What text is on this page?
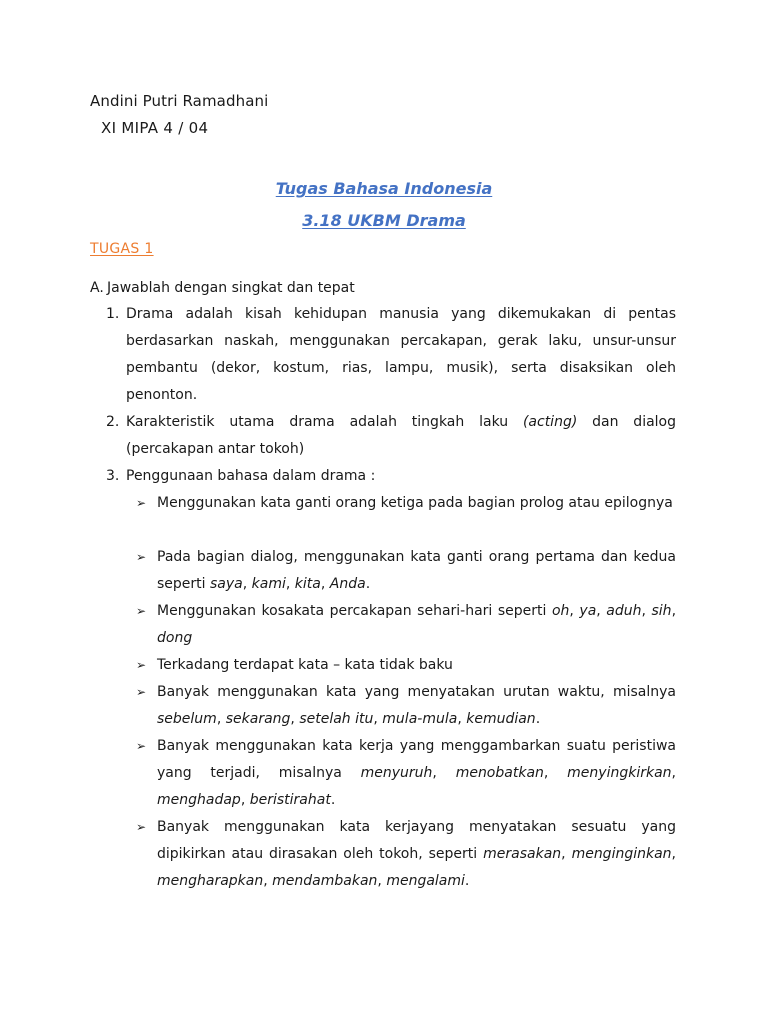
Andini Putri Ramadhani
XI MIPA 4 / 04
Tugas Bahasa Indonesia
3.18 UKBM Drama
TUGAS 1
A. Jawablah dengan singkat dan tepat
1. Drama adalah kisah kehidupan manusia yang dikemukakan di pentas berdasarkan naskah, menggunakan percakapan, gerak laku, unsur-unsur pembantu (dekor, kostum, rias, lampu, musik), serta disaksikan oleh penonton.
2. Karakteristik utama drama adalah tingkah laku (acting) dan dialog (percakapan antar tokoh)
3. Penggunaan bahasa dalam drama :
➢ Menggunakan kata ganti orang ketiga pada bagian prolog atau epilognya
➢ Pada bagian dialog, menggunakan kata ganti orang pertama dan kedua seperti saya, kami, kita, Anda.
➢ Menggunakan kosakata percakapan sehari-hari seperti oh, ya, aduh, sih, dong
➢ Terkadang terdapat kata – kata tidak baku
➢ Banyak menggunakan kata yang menyatakan urutan waktu, misalnya sebelum, sekarang, setelah itu, mula-mula, kemudian.
➢ Banyak menggunakan kata kerja yang menggambarkan suatu peristiwa yang terjadi, misalnya menyuruh, menobatkan, menyingkirkan, menghadap, beristirahat.
➢ Banyak menggunakan kata kerjayang menyatakan sesuatu yang dipikirkan atau dirasakan oleh tokoh, seperti merasakan, menginginkan, mengharapkan, mendambakan, mengalami.
